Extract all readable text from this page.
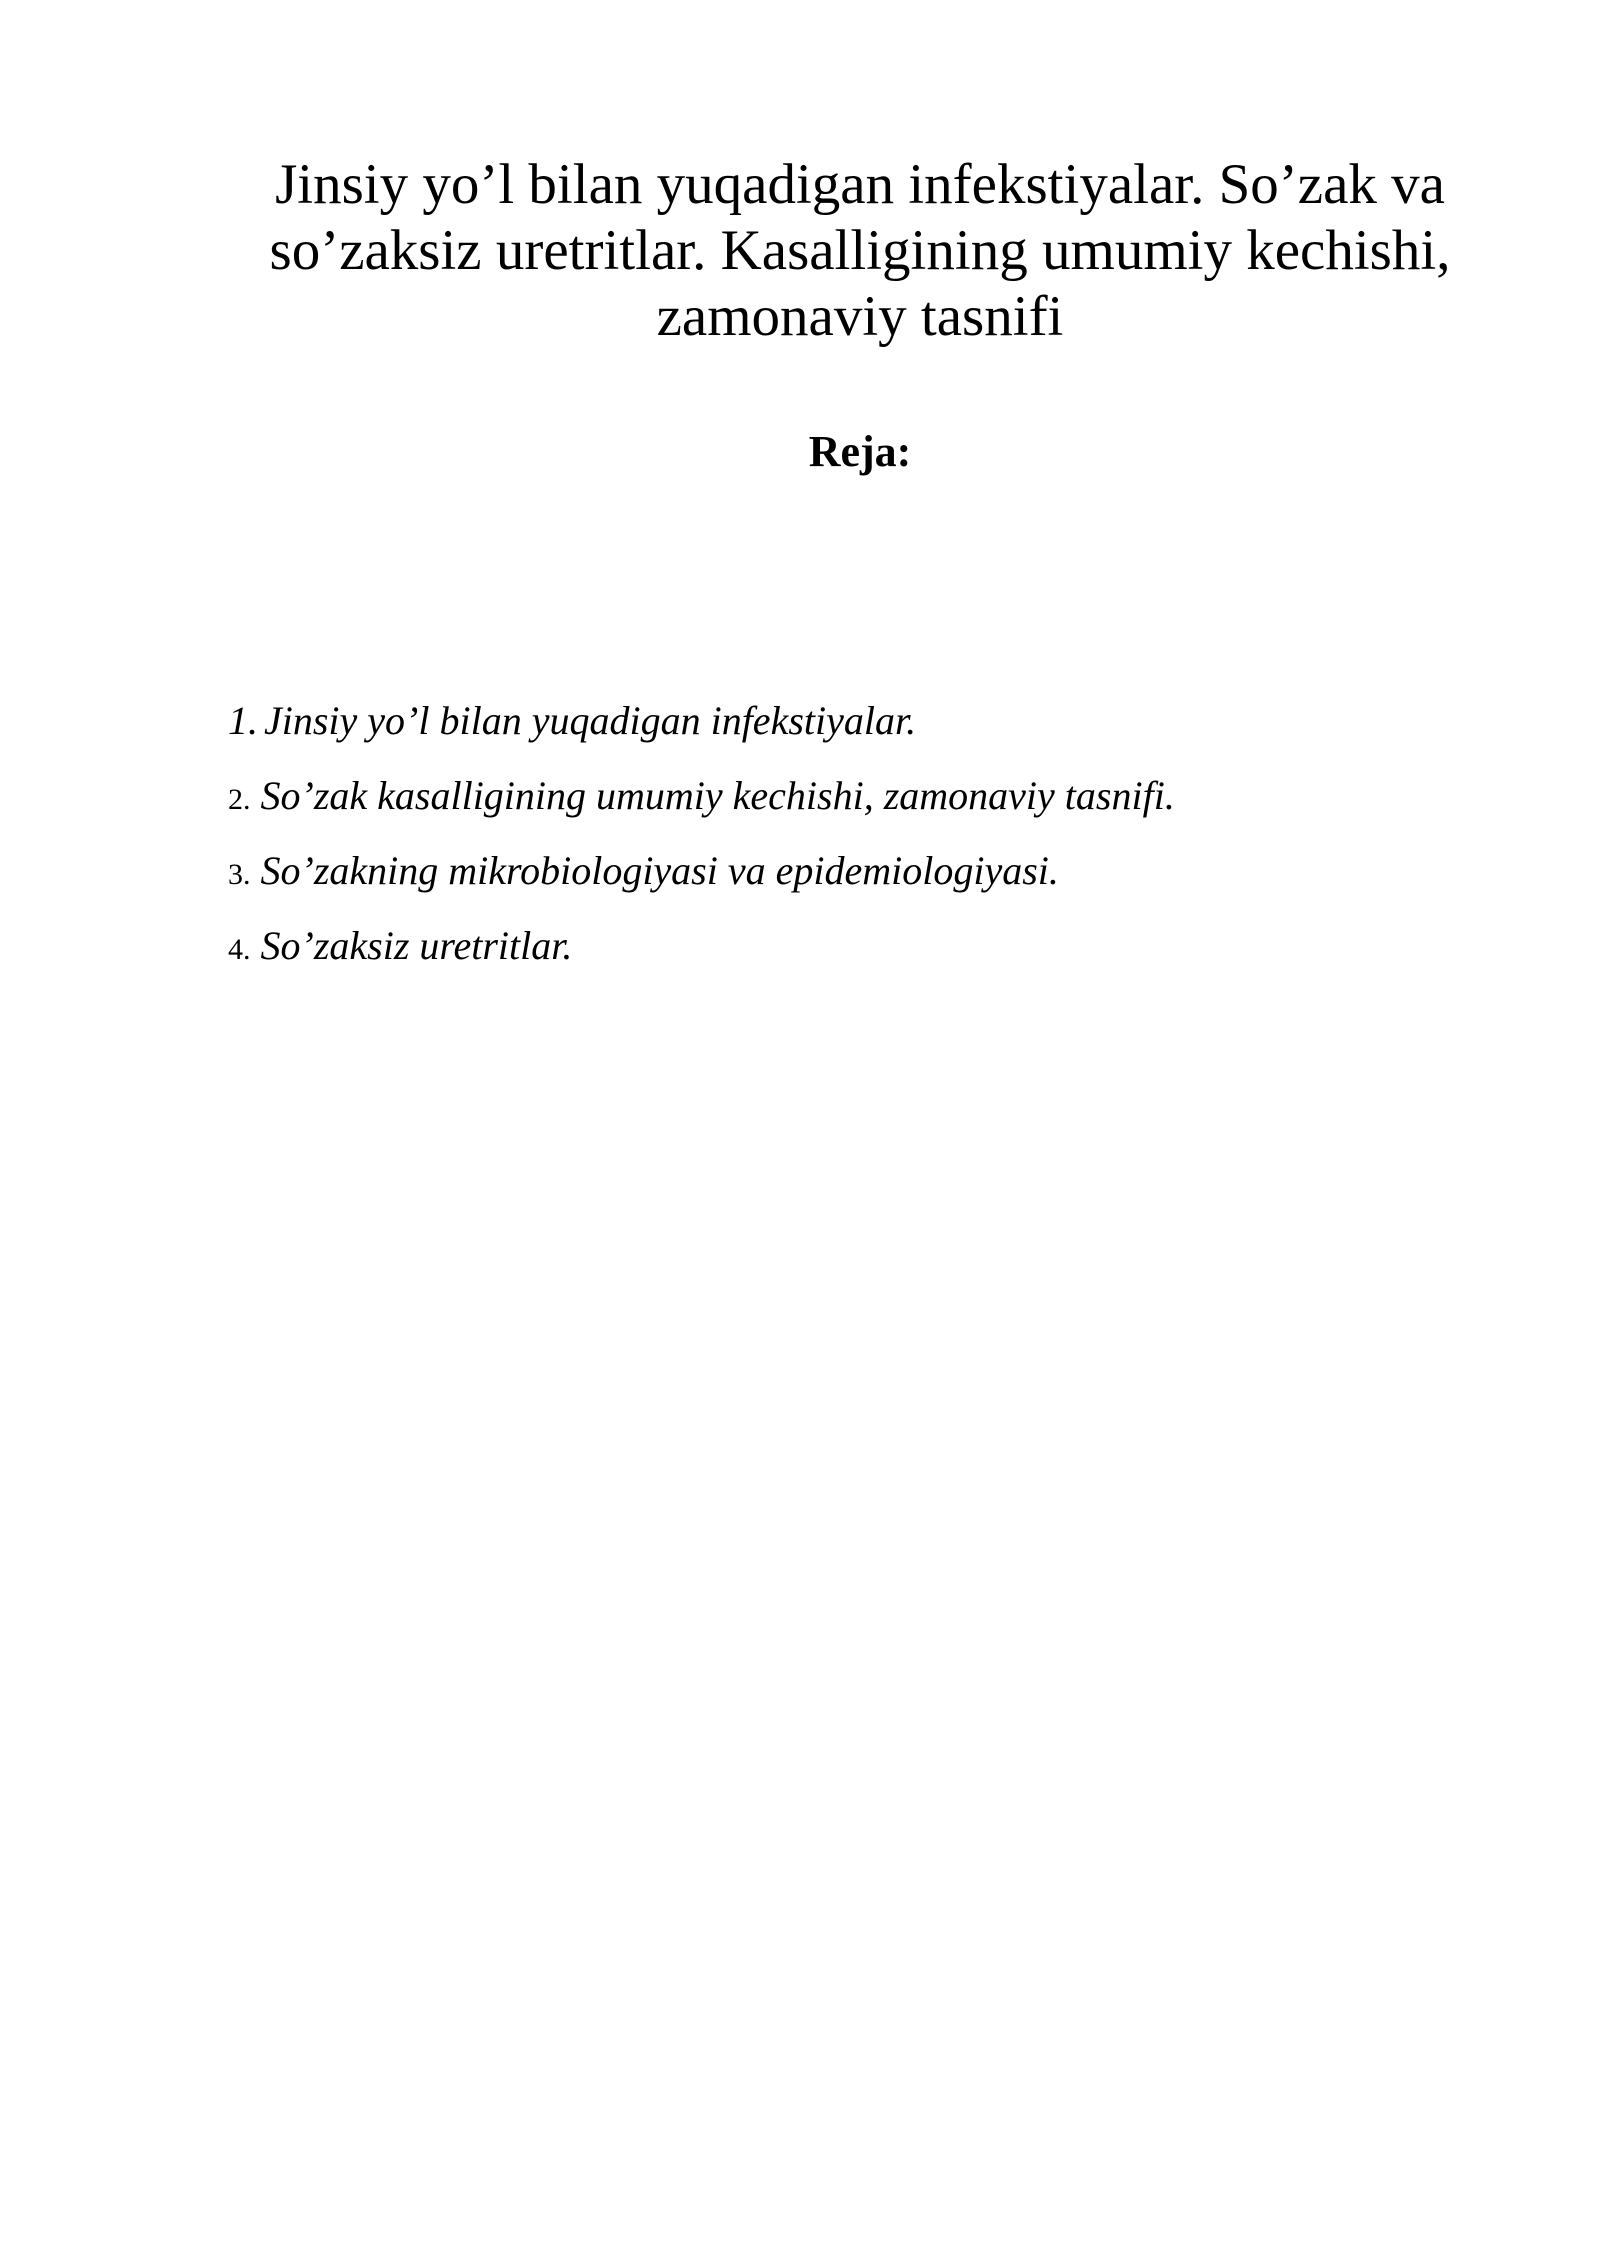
Jinsiy yo’l bilan yuqadigan infekstiyalar. So’zak va
so’zaksiz uretritlar. Kasalligining umumiy kechishi,
zamonaviy tasnifi
Reja:
1. Jinsiy yo’l bilan yuqadigan infekstiyalar.
2. So’zak kasalligining umumiy kechishi, zamonaviy tasnifi.
3. So’zakning mikrobiologiyasi va epidemiologiyasi.
4. So’zaksiz uretritlar.
